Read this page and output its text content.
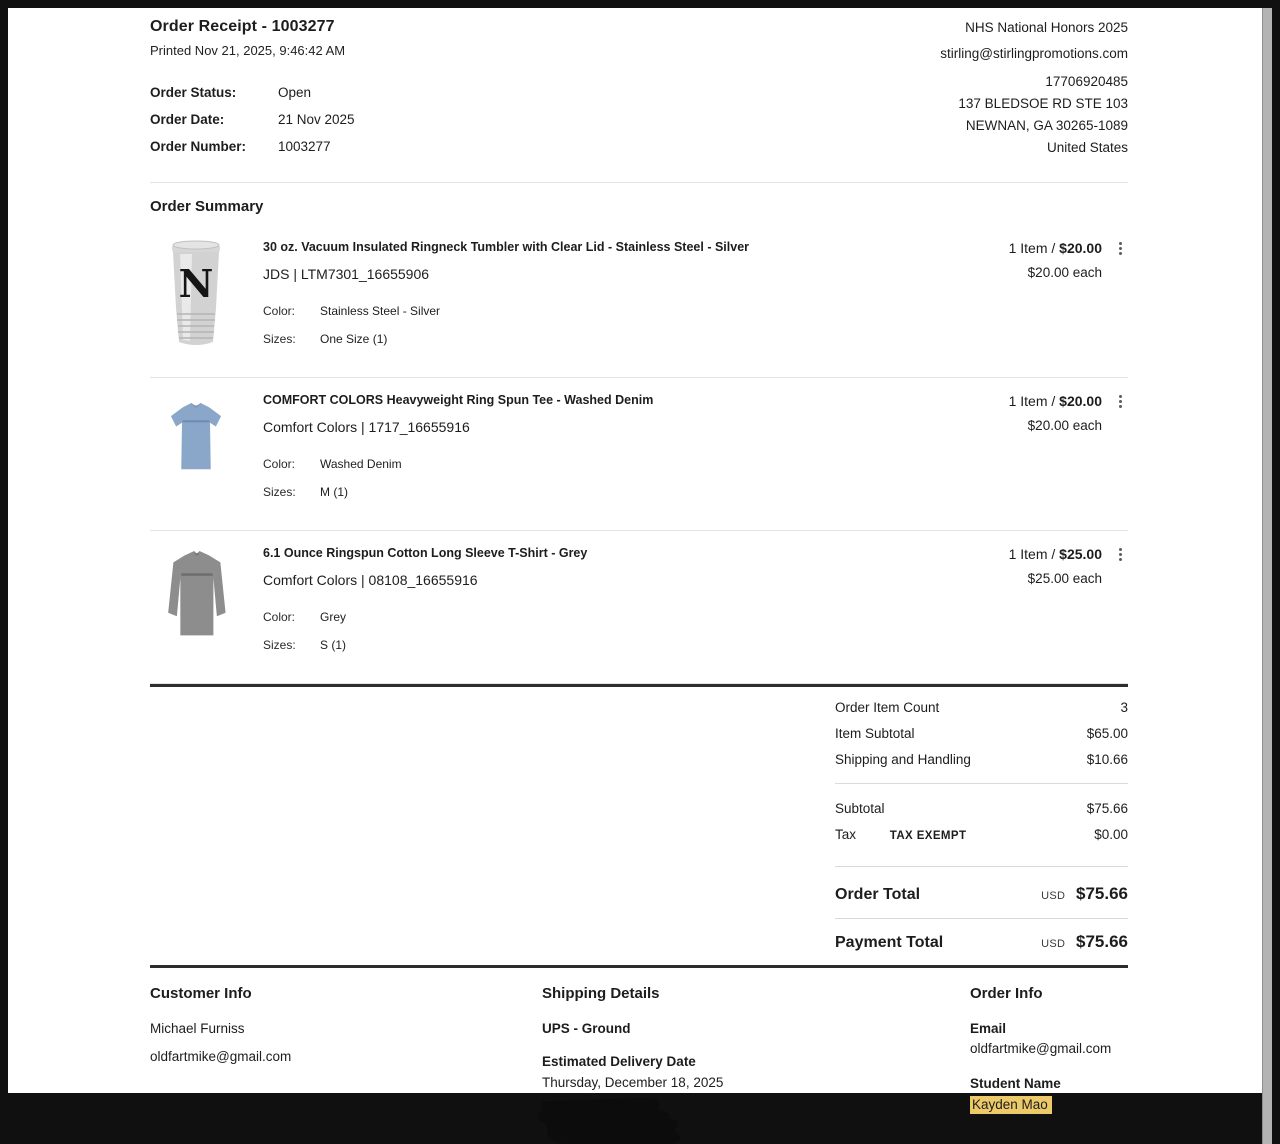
Order Receipt - 1003277
Printed Nov 21, 2025, 9:46:42 AM
Order Status:	Open
Order Date:	21 Nov 2025
Order Number:	1003277
NHS National Honors 2025
stirling@stirlingpromotions.com
17706920485
137 BLEDSOE RD STE 103
NEWNAN, GA 30265-1089
United States
Order Summary
N
30 oz. Vacuum Insulated Ringneck Tumbler with Clear Lid - Stainless Steel - Silver
JDS | LTM7301_16655906
Color:	Stainless Steel - Silver
Sizes:	One Size (1)
1 Item / $20.00
$20.00 each
COMFORT COLORS Heavyweight Ring Spun Tee - Washed Denim
Comfort Colors | 1717_16655916
Color:	Washed Denim
Sizes:	M (1)
1 Item / $20.00
$20.00 each
6.1 Ounce Ringspun Cotton Long Sleeve T-Shirt - Grey
Comfort Colors | 08108_16655916
Color:	Grey
Sizes:	S (1)
1 Item / $25.00
$25.00 each
Order Item Count	3
Item Subtotal	$65.00
Shipping and Handling	$10.66
Subtotal	$75.66
Tax	TAX EXEMPT	$0.00
Order Total	USD $75.66
Payment Total	USD $75.66
Customer Info
Michael Furniss
oldfartmike@gmail.com
Shipping Details
UPS - Ground
Estimated Delivery Date
Thursday, December 18, 2025
Order Info
Email
oldfartmike@gmail.com
Student Name
Kayden Mao
